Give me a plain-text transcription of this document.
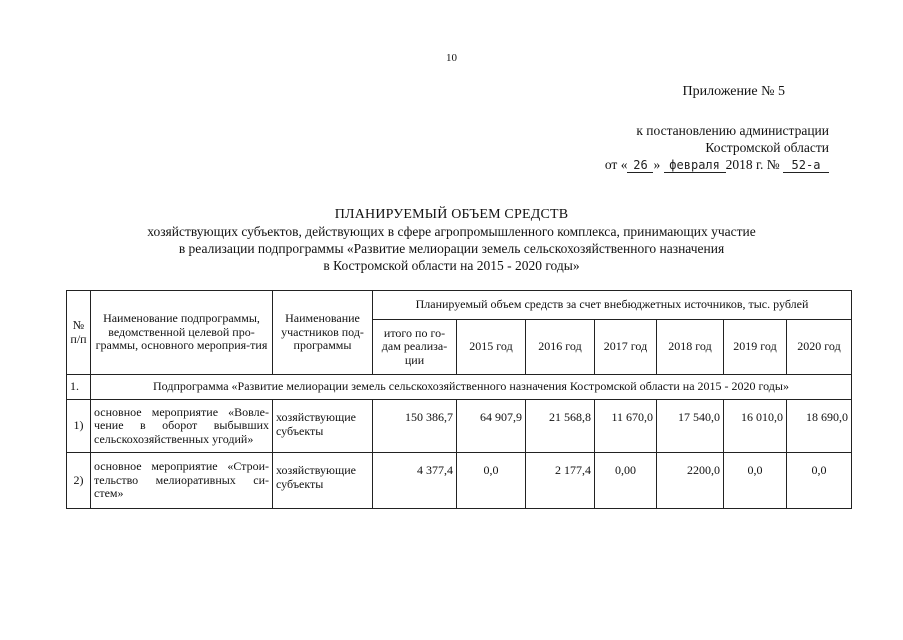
10
Приложение № 5
к постановлению администрации
Костромской области
от « 26 » февраля 2018 г. № 52-а
ПЛАНИРУЕМЫЙ ОБЪЕМ СРЕДСТВ
хозяйствующих субъектов, действующих в сфере агропромышленного комплекса, принимающих участие
в реализации подпрограммы «Развитие мелиорации земель сельскохозяйственного назначения
в Костромской области на 2015 - 2020 годы»
№ п/п	Наименование подпрограммы, ведомственной целевой про-граммы, основного мероприя-тия	Наименование участников под-программы	Планируемый объем средств за счет внебюджетных источников, тыс. рублей						
			итого по го-дам реализа-ции	2015 год	2016 год	2017 год	2018 год	2019 год	2020 год
1.	Подпрограмма «Развитие мелиорации земель сельскохозяйственного назначения Костромской области на 2015 - 2020 годы»								
1)	основное мероприятие «Вовле-чение в оборот выбывших сельскохозяйственных угодий»	хозяйствующие субъекты	150 386,7	64 907,9	21 568,8	11 670,0	17 540,0	16 010,0	18 690,0
2)	основное мероприятие «Строи-тельство мелиоративных си-стем»	хозяйствующие субъекты	4 377,4	0,0	2 177,4	0,00	2200,0	0,0	0,0
